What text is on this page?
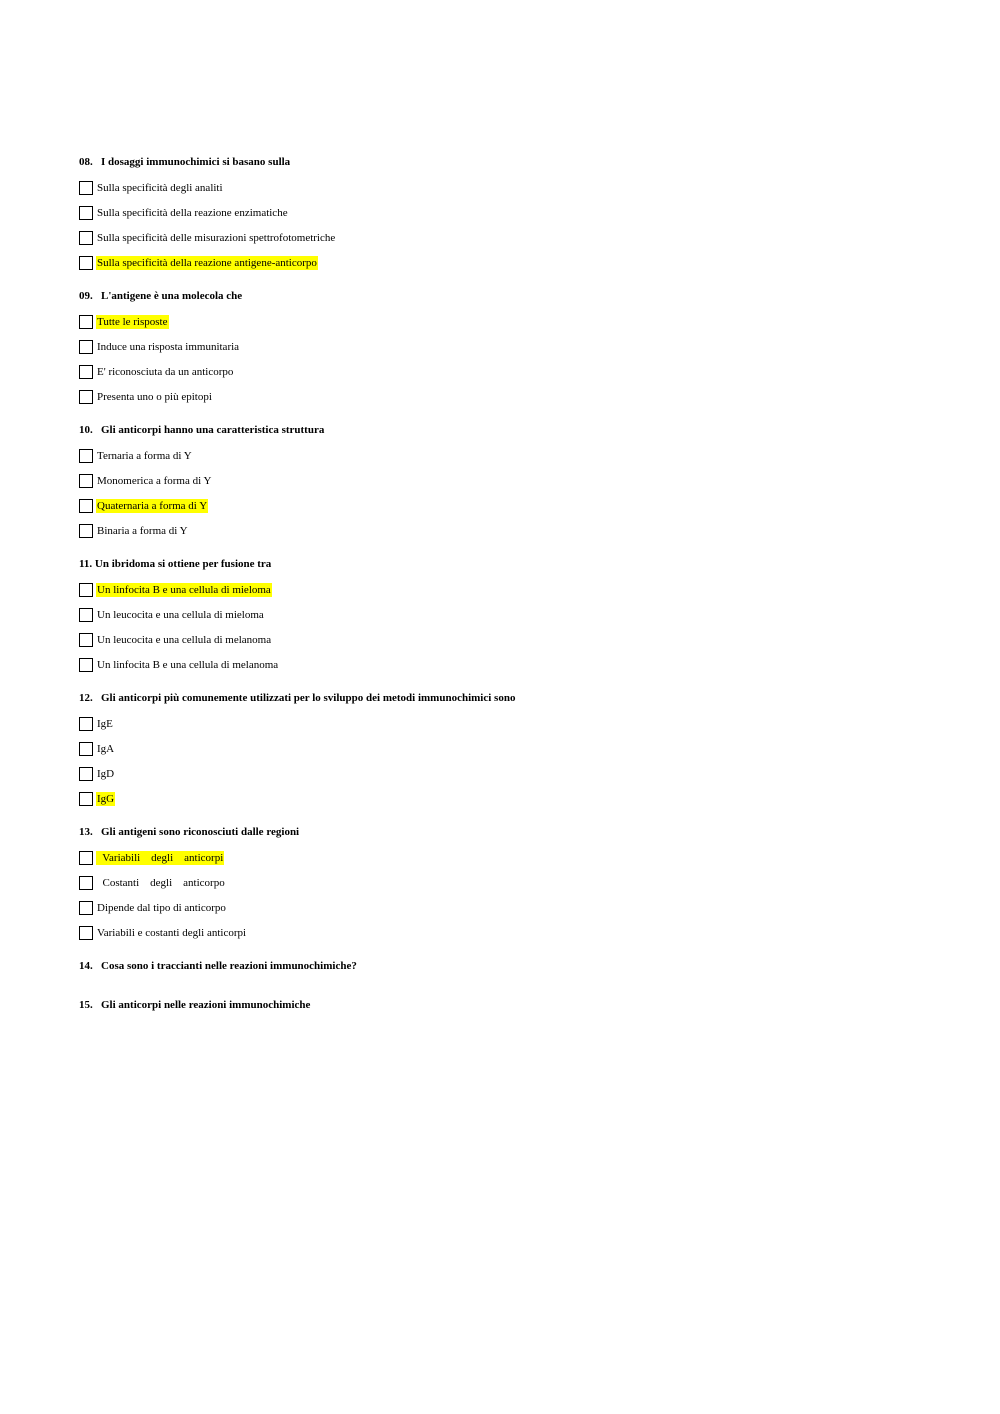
08.   I dosaggi immunochimici si basano sulla
Sulla specificità degli analiti
Sulla specificità della reazione enzimatiche
Sulla specificità delle misurazioni spettrofotometriche
Sulla specificità della reazione antigene-anticorpo
09.   L'antigene è una molecola che
Tutte le risposte
Induce una risposta immunitaria
E' riconosciuta da un anticorpo
Presenta uno o più epitopi
10.   Gli anticorpi hanno una caratteristica struttura
Ternaria a forma di Y
Monomerica a forma di Y
Quaternaria a forma di Y
Binaria a forma di Y
11. Un ibridoma si ottiene per fusione tra
Un linfocita B e una cellula di mieloma
Un leucocita e una cellula di mieloma
Un leucocita e una cellula di melanoma
Un linfocita B e una cellula di melanoma
12.   Gli anticorpi più comunemente utilizzati per lo sviluppo dei metodi immunochimici sono
IgE
IgA
IgD
IgG
13.   Gli antigeni sono riconosciuti dalle regioni
Variabili    degli    anticorpi
Costanti    degli    anticorpo
Dipende dal tipo di anticorpo
Variabili e costanti degli anticorpi
14.   Cosa sono i traccianti nelle reazioni immunochimiche?
15.   Gli anticorpi nelle reazioni immunochimiche
